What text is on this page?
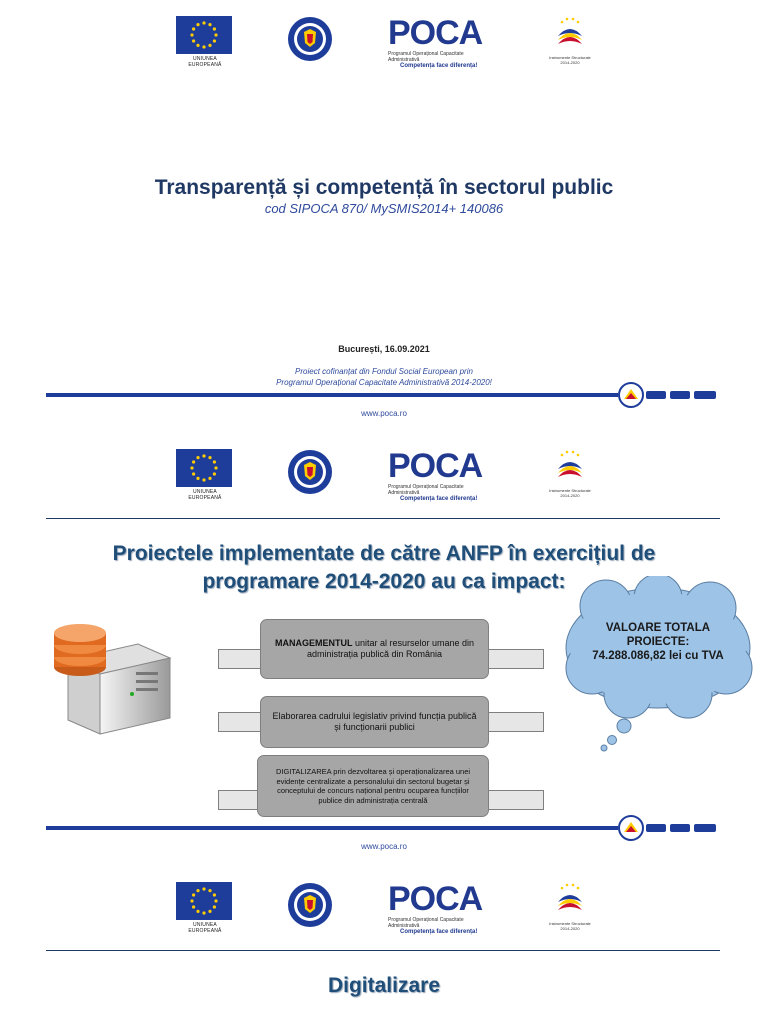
UNIUNEA EUROPEANĂ
POCA
Programul Operațional Capacitate Administrativă
Competența face diferența!
Instrumente Structurale
2014-2020
Transparență și competență în sectorul public
cod SIPOCA 870/ MySMIS2014+ 140086
București, 16.09.2021
Proiect cofinanțat din Fondul Social European prin
Programul Operațional Capacitate Administrativă 2014-2020!
www.poca.ro
UNIUNEA EUROPEANĂ
POCA
Programul Operațional Capacitate Administrativă
Competența face diferența!
Instrumente Structurale
2014-2020
Proiectele implementate de către ANFP în exercițiul de
programare 2014-2020 au ca impact:
MANAGEMENTUL unitar al resurselor umane din administrația publică din România
Elaborarea cadrului legislativ privind funcția publică și funcționarii publici
DIGITALIZAREA prin dezvoltarea și operaționalizarea unei evidențe centralizate a personalului din sectorul bugetar și conceptului de concurs național pentru ocuparea funcțiilor publice din administrația centrală
VALOARE TOTALA
PROIECTE:
74.288.086,82 lei cu TVA
www.poca.ro
UNIUNEA EUROPEANĂ
POCA
Programul Operațional Capacitate Administrativă
Competența face diferența!
Instrumente Structurale
2014-2020
Digitalizare
